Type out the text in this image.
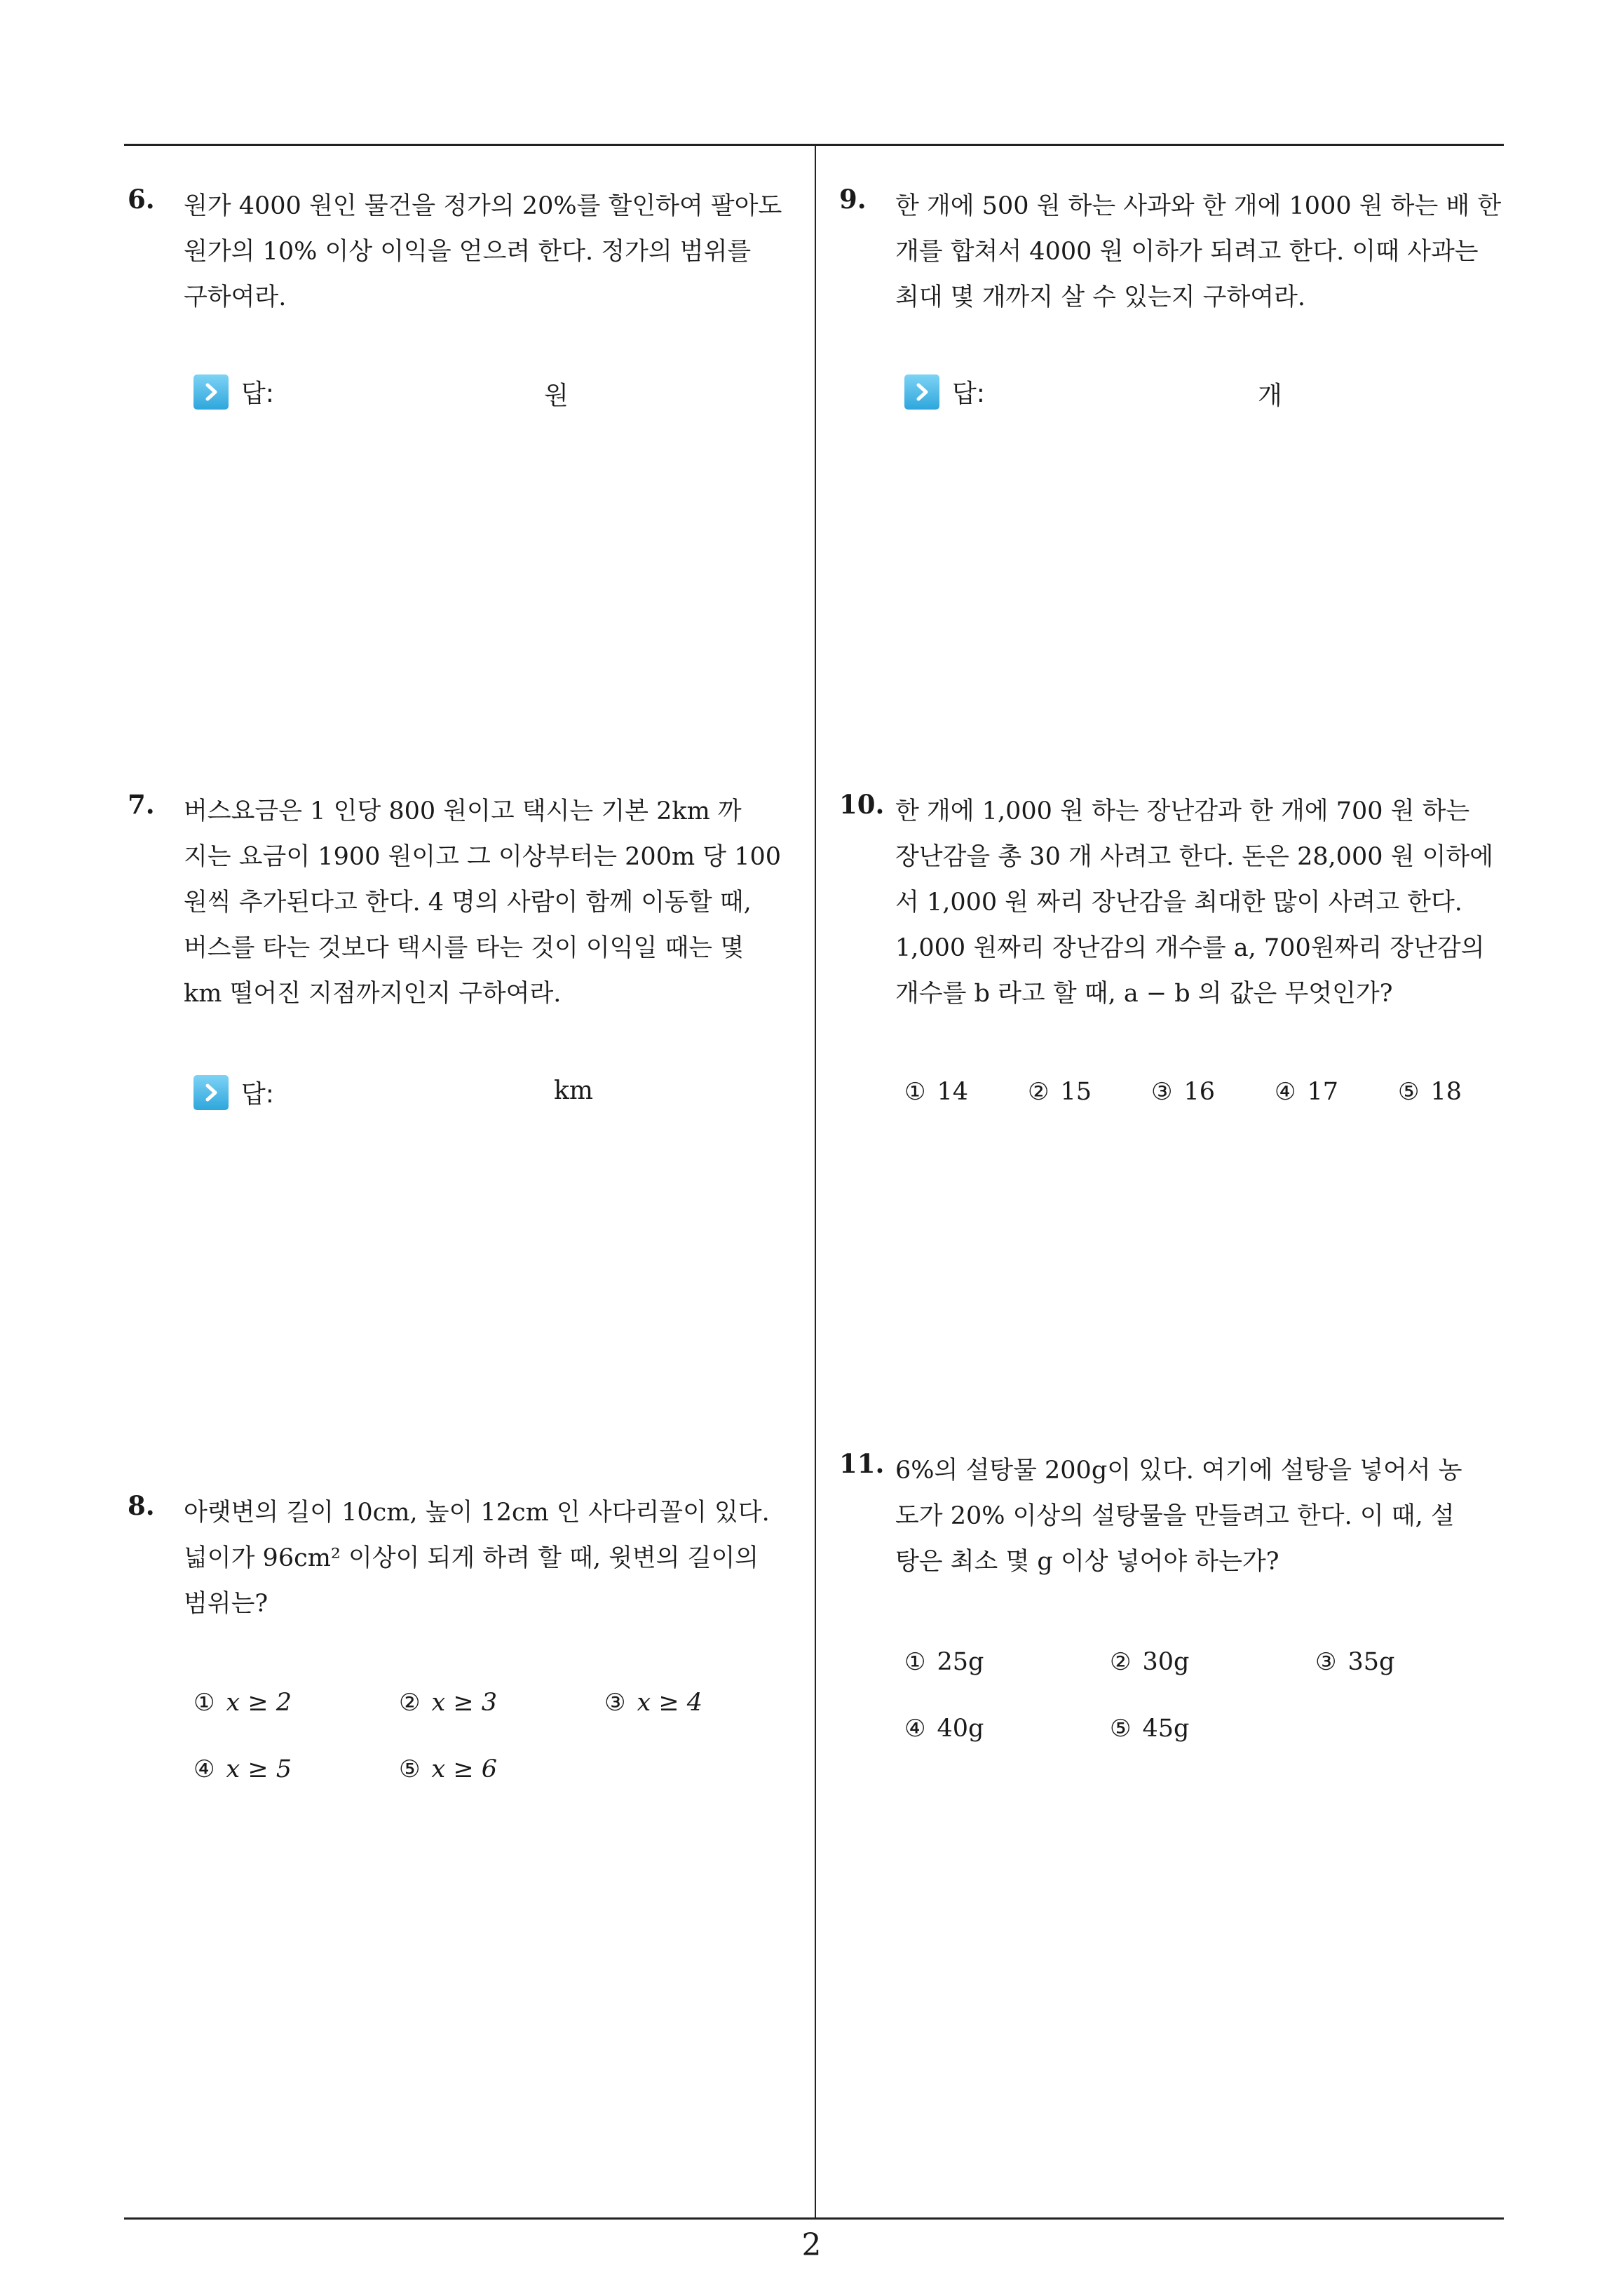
6. 원가 4000 원인 물건을 정가의 20%를 할인하여 팔아도
원가의 10% 이상 이익을 얻으려 한다. 정가의 범위를
구하여라.
답:	원
7. 버스요금은 1 인당 800 원이고 택시는 기본 2km 까
지는 요금이 1900 원이고 그 이상부터는 200m 당 100
원씩 추가된다고 한다. 4 명의 사람이 함께 이동할 때,
버스를 타는 것보다 택시를 타는 것이 이익일 때는 몇
km 떨어진 지점까지인지 구하여라.
답:	km
8. 아랫변의 길이 10cm, 높이 12cm 인 사다리꼴이 있다.
넓이가 96cm² 이상이 되게 하려 할 때, 윗변의 길이의
범위는?
① x ≥ 2	② x ≥ 3	③ x ≥ 4
④ x ≥ 5	⑤ x ≥ 6
9. 한 개에 500 원 하는 사과와 한 개에 1000 원 하는 배 한
개를 합쳐서 4000 원 이하가 되려고 한다. 이때 사과는
최대 몇 개까지 살 수 있는지 구하여라.
답:	개
10. 한 개에 1,000 원 하는 장난감과 한 개에 700 원 하는
장난감을 총 30 개 사려고 한다. 돈은 28,000 원 이하에
서 1,000 원 짜리 장난감을 최대한 많이 사려고 한다.
1,000 원짜리 장난감의 개수를 a, 700원짜리 장난감의
개수를 b 라고 할 때, a − b 의 값은 무엇인가?
① 14 ② 15 ③ 16 ④ 17 ⑤ 18
11. 6%의 설탕물 200g이 있다. 여기에 설탕을 넣어서 농
도가 20% 이상의 설탕물을 만들려고 한다. 이 때, 설
탕은 최소 몇 g 이상 넣어야 하는가?
① 25g	② 30g	③ 35g
④ 40g	⑤ 45g
2
